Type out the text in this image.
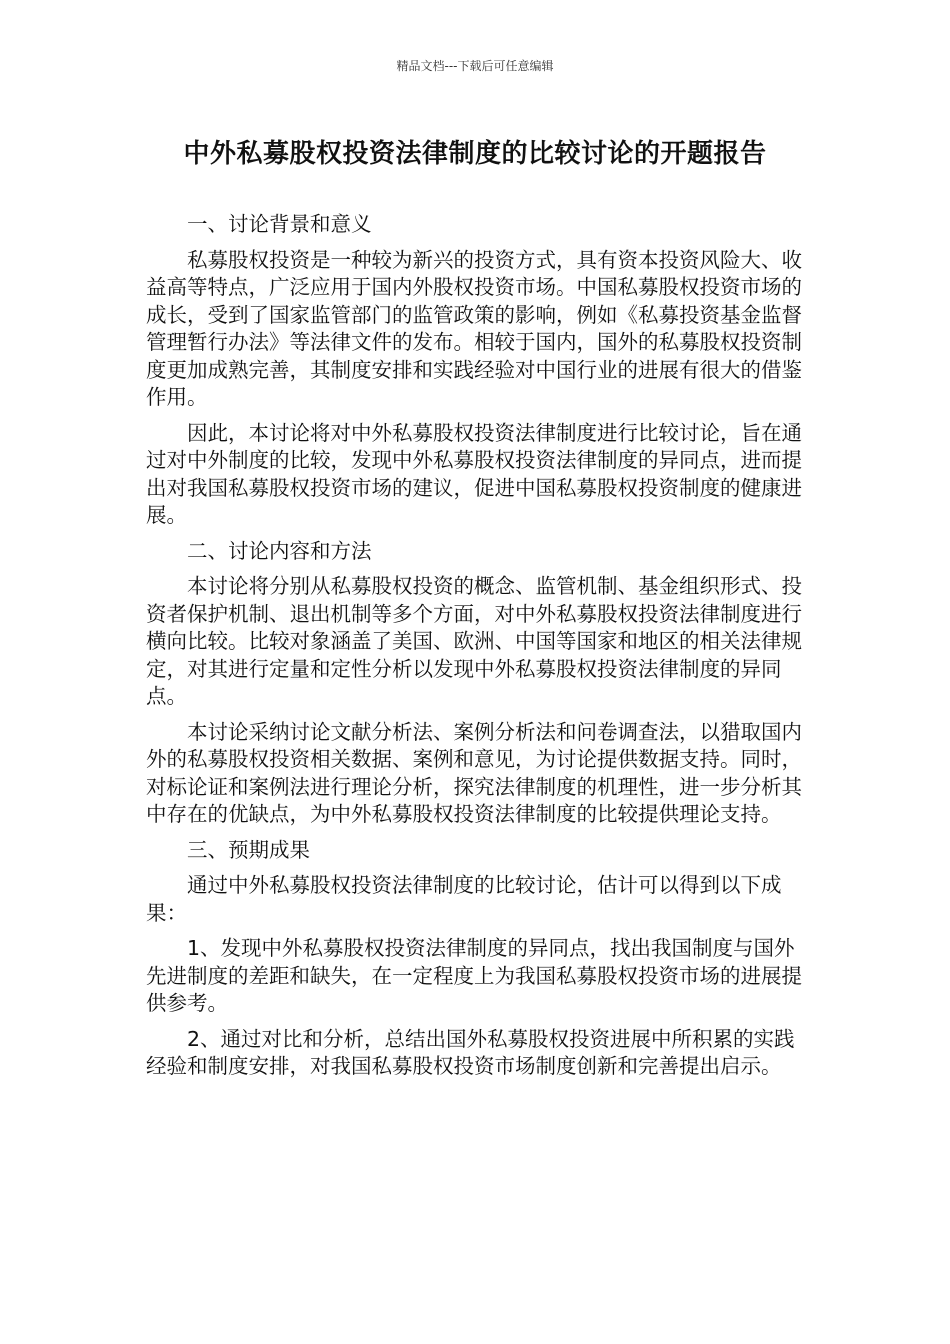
精品文档---下载后可任意编辑
中外私募股权投资法律制度的比较讨论的开题报告

一、讨论背景和意义

私募股权投资是一种较为新兴的投资方式，具有资本投资风险大、收益高等特点，广泛应用于国内外股权投资市场。中国私募股权投资市场的成长，受到了国家监管部门的监管政策的影响，例如《私募投资基金监督管理暂行办法》等法律文件的发布。相较于国内，国外的私募股权投资制度更加成熟完善，其制度安排和实践经验对中国行业的进展有很大的借鉴作用。

因此，本讨论将对中外私募股权投资法律制度进行比较讨论，旨在通过对中外制度的比较，发现中外私募股权投资法律制度的异同点，进而提出对我国私募股权投资市场的建议，促进中国私募股权投资制度的健康进展。

二、讨论内容和方法

本讨论将分别从私募股权投资的概念、监管机制、基金组织形式、投资者保护机制、退出机制等多个方面，对中外私募股权投资法律制度进行横向比较。比较对象涵盖了美国、欧洲、中国等国家和地区的相关法律规定，对其进行定量和定性分析以发现中外私募股权投资法律制度的异同点。

本讨论采纳讨论文献分析法、案例分析法和问卷调查法，以猎取国内外的私募股权投资相关数据、案例和意见，为讨论提供数据支持。同时，对标论证和案例法进行理论分析，探究法律制度的机理性，进一步分析其中存在的优缺点，为中外私募股权投资法律制度的比较提供理论支持。

三、预期成果

通过中外私募股权投资法律制度的比较讨论，估计可以得到以下成果：

1、发现中外私募股权投资法律制度的异同点，找出我国制度与国外先进制度的差距和缺失，在一定程度上为我国私募股权投资市场的进展提供参考。

2、通过对比和分析，总结出国外私募股权投资进展中所积累的实践经验和制度安排，对我国私募股权投资市场制度创新和完善提出启示。
